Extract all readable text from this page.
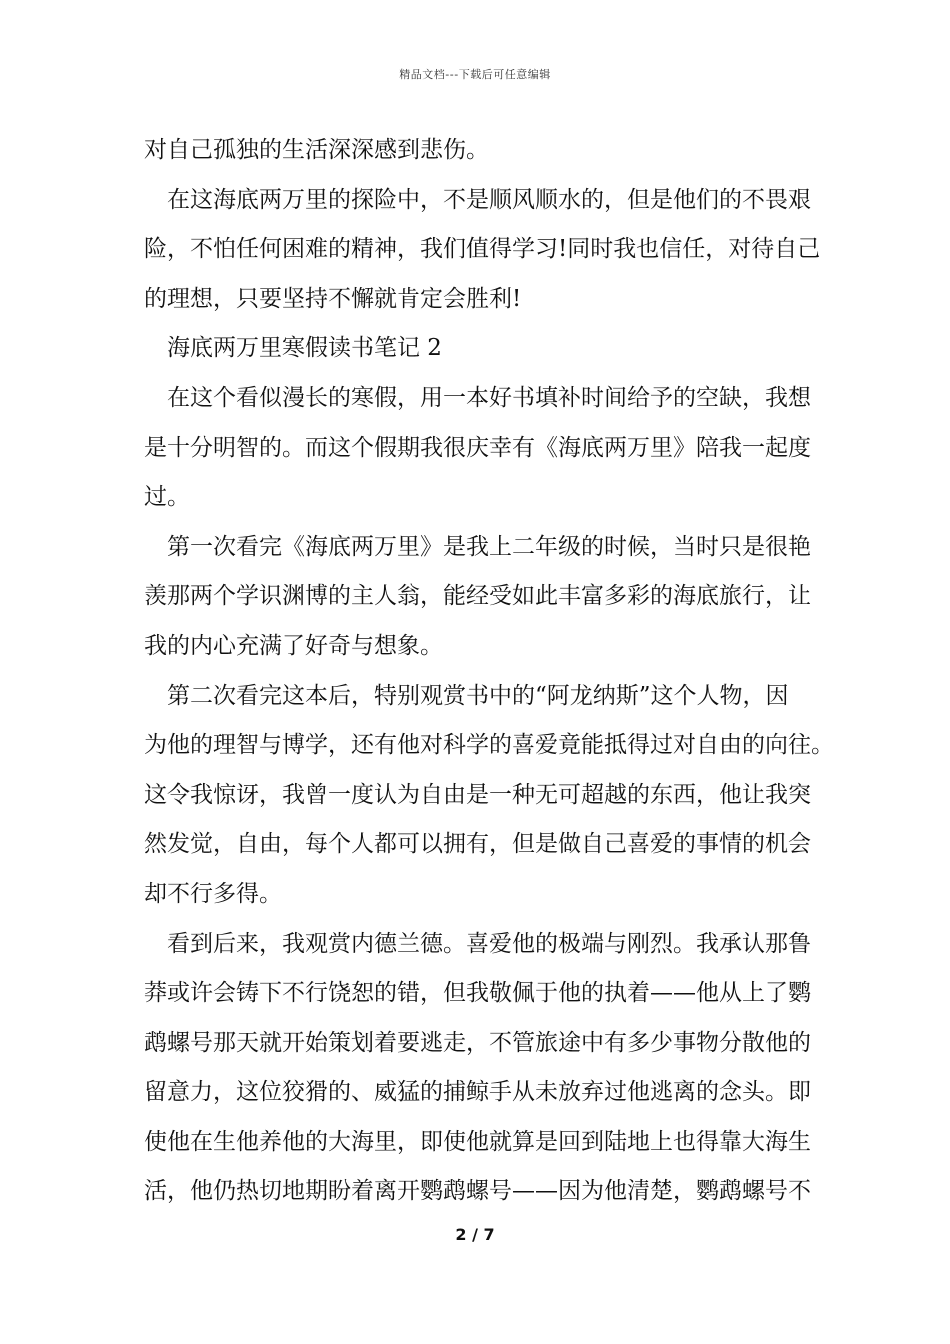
精品文档---下载后可任意编辑
对自己孤独的生活深深感到悲伤。
在这海底两万里的探险中，不是顺风顺水的，但是他们的不畏艰
险，不怕任何困难的精神，我们值得学习!同时我也信任，对待自己
的理想，只要坚持不懈就肯定会胜利!
海底两万里寒假读书笔记 2
在这个看似漫长的寒假，用一本好书填补时间给予的空缺，我想
是十分明智的。而这个假期我很庆幸有《海底两万里》陪我一起度
过。
第一次看完《海底两万里》是我上二年级的时候，当时只是很艳
羡那两个学识渊博的主人翁，能经受如此丰富多彩的海底旅行，让
我的内心充满了好奇与想象。
第二次看完这本后，特别观赏书中的“阿龙纳斯”这个人物，因
为他的理智与博学，还有他对科学的喜爱竟能抵得过对自由的向往。
这令我惊讶，我曾一度认为自由是一种无可超越的东西，他让我突
然发觉，自由，每个人都可以拥有，但是做自己喜爱的事情的机会
却不行多得。
看到后来，我观赏内德兰德。喜爱他的极端与刚烈。我承认那鲁
莽或许会铸下不行饶恕的错，但我敬佩于他的执着——他从上了鹦
鹉螺号那天就开始策划着要逃走，不管旅途中有多少事物分散他的
留意力，这位狡猾的、威猛的捕鲸手从未放弃过他逃离的念头。即
使他在生他养他的大海里，即使他就算是回到陆地上也得靠大海生
活，他仍热切地期盼着离开鹦鹉螺号——因为他清楚，鹦鹉螺号不
2 / 7
